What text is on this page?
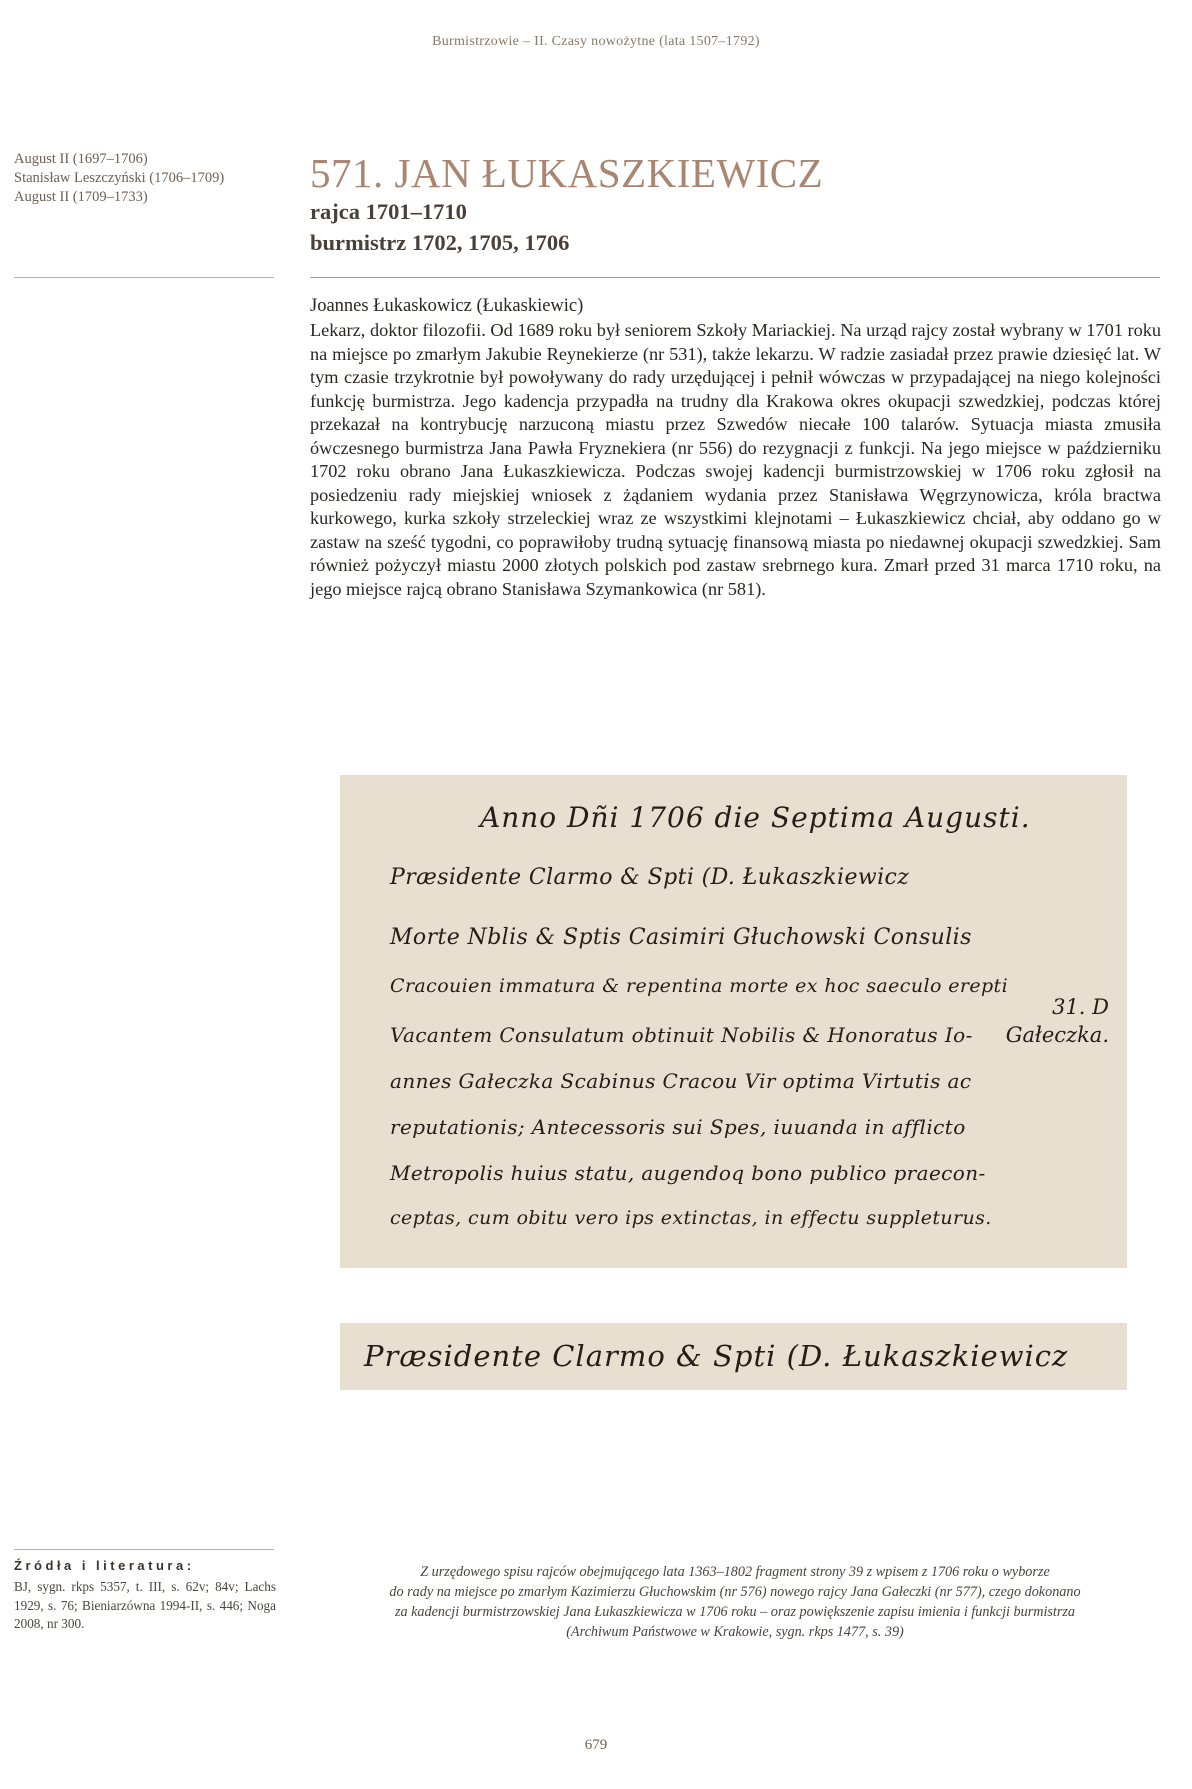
Burmistrzowie – II. Czasy nowożytne (lata 1507–1792)
August II (1697–1706)
Stanisław Leszczyński (1706–1709)
August II (1709–1733)
571. JAN ŁUKASZKIEWICZ
rajca 1701–1710
burmistrz 1702, 1705, 1706
Joannes Łukaskowicz (Łukaskiewic)

Lekarz, doktor filozofii. Od 1689 roku był seniorem Szkoły Mariackiej. Na urząd rajcy został wybrany w 1701 roku na miejsce po zmarłym Jakubie Reynekierze (nr 531), także lekarzu. W radzie zasiadał przez prawie dziesięć lat. W tym czasie trzykrotnie był powoływany do rady urzędującej i pełnił wówczas w przypadającej na niego kolejności funkcję burmistrza. Jego kadencja przypadła na trudny dla Krakowa okres okupacji szwedzkiej, podczas której przekazał na kontrybucję narzuconą miastu przez Szwedów niecałe 100 talarów. Sytuacja miasta zmusiła ówczesnego burmistrza Jana Pawła Fryznekiera (nr 556) do rezygnacji z funkcji. Na jego miejsce w październiku 1702 roku obrano Jana Łukaszkiewicza. Podczas swojej kadencji burmistrzowskiej w 1706 roku zgłosił na posiedzeniu rady miejskiej wniosek z żądaniem wydania przez Stanisława Węgrzynowicza, króla bractwa kurkowego, kurka szkoły strzeleckiej wraz ze wszystkimi klejnotami – Łukaszkiewicz chciał, aby oddano go w zastaw na sześć tygodni, co poprawiłoby trudną sytuację finansową miasta po niedawnej okupacji szwedzkiej. Sam również pożyczył miastu 2000 złotych polskich pod zastaw srebrnego kura. Zmarł przed 31 marca 1710 roku, na jego miejsce rajcą obrano Stanisława Szymankowica (nr 581).

Anno Dñi 1706 die Septima Augusti.
Præsidente Clarmo & Spti (D. Łukaszkiewicz
Morte Nblis & Sptis Casimiri Głuchowski Consulis
Cracouien immatura & repentina morte ex hoc saeculo erepti
Vacantem Consulatum obtinuit Nobilis & Honoratus Io-
annes Gałeczka Scabinus Cracou Vir optima Virtutis ac
reputationis; Antecessoris sui Spes, iuuanda in afflicto
Metropolis huius statu, augendoq bono publico praecon-
ceptas, cum obitu vero ips extinctas, in effectu suppleturus.
31. D
Gałeczka.
Præsidente Clarmo & Spti (D. Łukaszkiewicz
Źródła i literatura:
BJ, sygn. rkps 5357, t. III, s. 62v; 84v; Lachs 1929, s. 76; Bieniarzówna 1994-II, s. 446; Noga 2008, nr 300.
Z urzędowego spisu rajców obejmującego lata 1363–1802 fragment strony 39 z wpisem z 1706 roku o wyborze
do rady na miejsce po zmarłym Kazimierzu Głuchowskim (nr 576) nowego rajcy Jana Gałeczki (nr 577), czego dokonano
za kadencji burmistrzowskiej Jana Łukaszkiewicza w 1706 roku – oraz powiększenie zapisu imienia i funkcji burmistrza
(Archiwum Państwowe w Krakowie, sygn. rkps 1477, s. 39)
679
